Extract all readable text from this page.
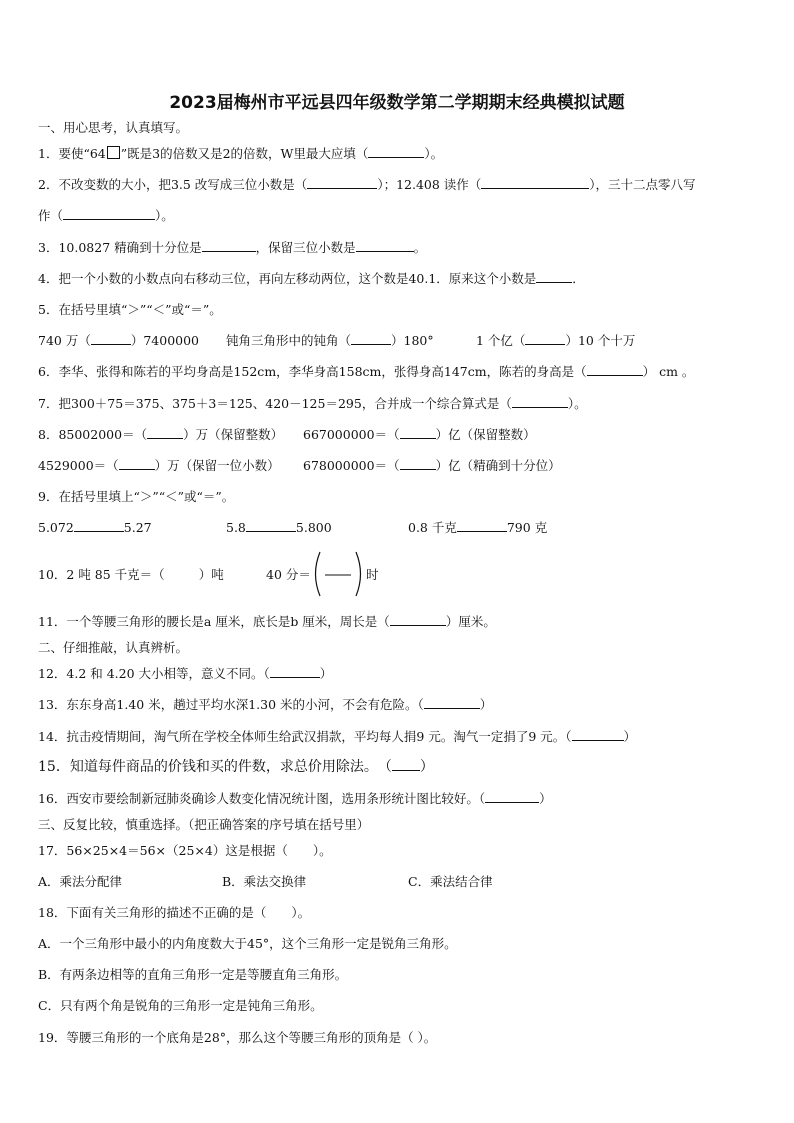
2023届梅州市平远县四年级数学第二学期期末经典模拟试题
一、用心思考，认真填写。
1．要使“64 ”既是3的倍数又是2的倍数，W里最大应填（	）。
2．不改变数的大小，把3.5 改写成三位小数是（	）；12.408 读作（	），三十二点零八写
作（	）。
3．10.0827 精确到十分位是	，保留三位小数是	。
4．把一个小数的小数点向右移动三位，再向左移动两位，这个数是40.1．原来这个小数是	．
5．在括号里填“＞”“＜”或“＝”。
740 万（	）7400000 钝角三角形中的钝角（	）180°	1 个亿（	）10 个十万
6．李华、张得和陈若的平均身高是152cm，李华身高158cm，张得身高147cm，陈若的身高是（	） cm 。
7．把300＋75＝375、375＋3＝125、420－125＝295，合并成一个综合算式是（	）。
8．85002000＝（	）万（保留整数） 667000000＝（	）亿（保留整数）
4529000＝（	）万（保留一位小数） 678000000＝（	）亿（精确到十分位）
9．在括号里填上“＞”“＜”或“＝”。
5.072	5.27	5.8	5.800	0.8 千克	790 克
10．2 吨 85 千克＝（	）吨	40 分＝	时
11．一个等腰三角形的腰长是a 厘米，底长是b 厘米，周长是（	）厘米。
二、仔细推敲，认真辨析。
12．4.2 和 4.20 大小相等，意义不同。（	）
13．东东身高1.40 米，趟过平均水深1.30 米的小河，不会有危险。（	）
14．抗击疫情期间，淘气所在学校全体师生给武汉捐款，平均每人捐9 元。淘气一定捐了9 元。（	）
15．知道每件商品的价钱和买的件数，求总价用除法。　 （ ）
16．西安市要绘制新冠肺炎确诊人数变化情况统计图，选用条形统计图比较好。（	）
三、反复比较，慎重选择。（把正确答案的序号填在括号里）
17．56×25×4＝56×（25×4）这是根据（　　）。
A．乘法分配律	B．乘法交换律	C．乘法结合律
18．下面有关三角形的描述不正确的是（　　）。
A．一个三角形中最小的内角度数大于45°，这个三角形一定是锐角三角形。
B．有两条边相等的直角三角形一定是等腰直角三角形。
C．只有两个角是锐角的三角形一定是钝角三角形。
19．等腰三角形的一个底角是28°，那么这个等腰三角形的顶角是（ ）。
